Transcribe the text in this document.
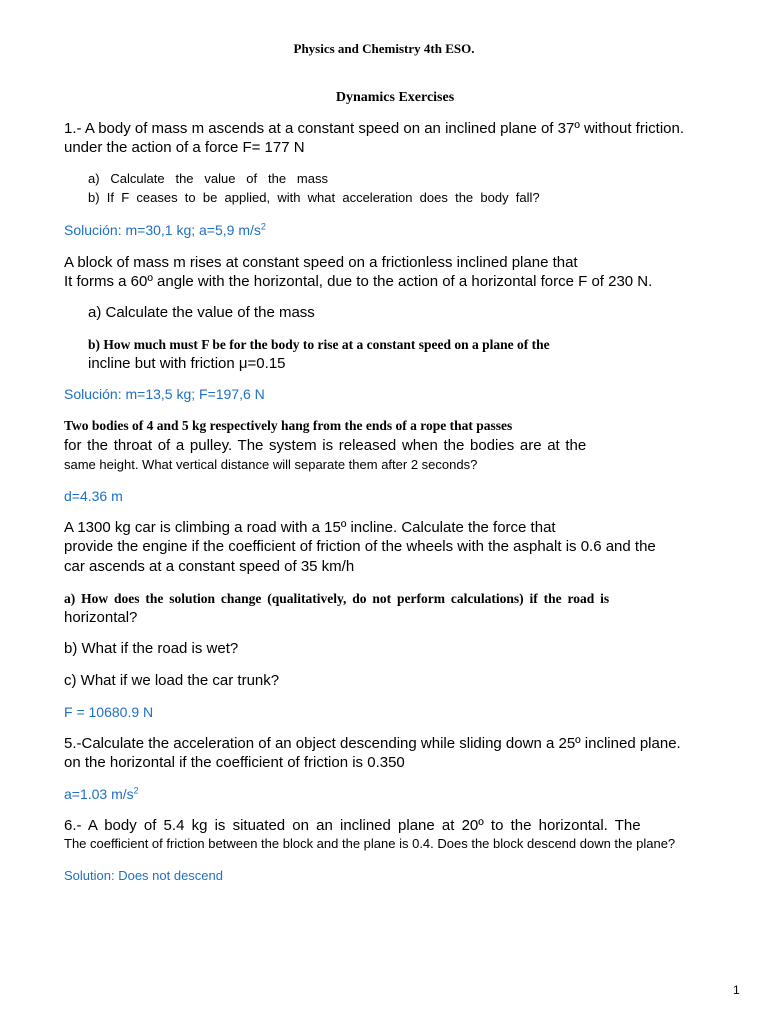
Physics and Chemistry 4th ESO.
Dynamics Exercises
1.- A body of mass m ascends at a constant speed on an inclined plane of 37º without friction.
under the action of a force F= 177 N
a) Calculate the value of the mass
b)  If  F  ceases  to  be  applied,  with  what  acceleration  does  the  body  fall?
Solución: m=30,1 kg; a=5,9 $m/s^2$
A block of mass m rises at constant speed on a frictionless inclined plane that
It forms a 60º angle with the horizontal, due to the action of a horizontal force F of 230 N.
a) Calculate the value of the mass
b) How much must F be for the body to rise at a constant speed on a plane of the
incline but with friction μ=0.15
Solución: m=13,5 kg; F=197,6 N
Two bodies of 4 and 5 kg respectively hang from the ends of a rope that passes
for the throat of a pulley. The system is released when the bodies are at the
same height. What vertical distance will separate them after 2 seconds?
d=4.36 m
A 1300 kg car is climbing a road with a 15º incline. Calculate the force that
provide the engine if the coefficient of friction of the wheels with the asphalt is 0.6 and the
car ascends at a constant speed of 35 km/h
a) How does the solution change (qualitatively, do not perform calculations) if the road is
horizontal?
b) What if the road is wet?
c) What if we load the car trunk?
F = 10680.9 N
5.-Calculate the acceleration of an object descending while sliding down a 25º inclined plane.
on the horizontal if the coefficient of friction is 0.350
a=1.03 $m/s^2$
6.- A body of 5.4 kg is situated on an inclined plane at 20º to the horizontal. The
The coefficient of friction between the block and the plane is 0.4. Does the block descend down the plane?
Solution: Does not descend
1
